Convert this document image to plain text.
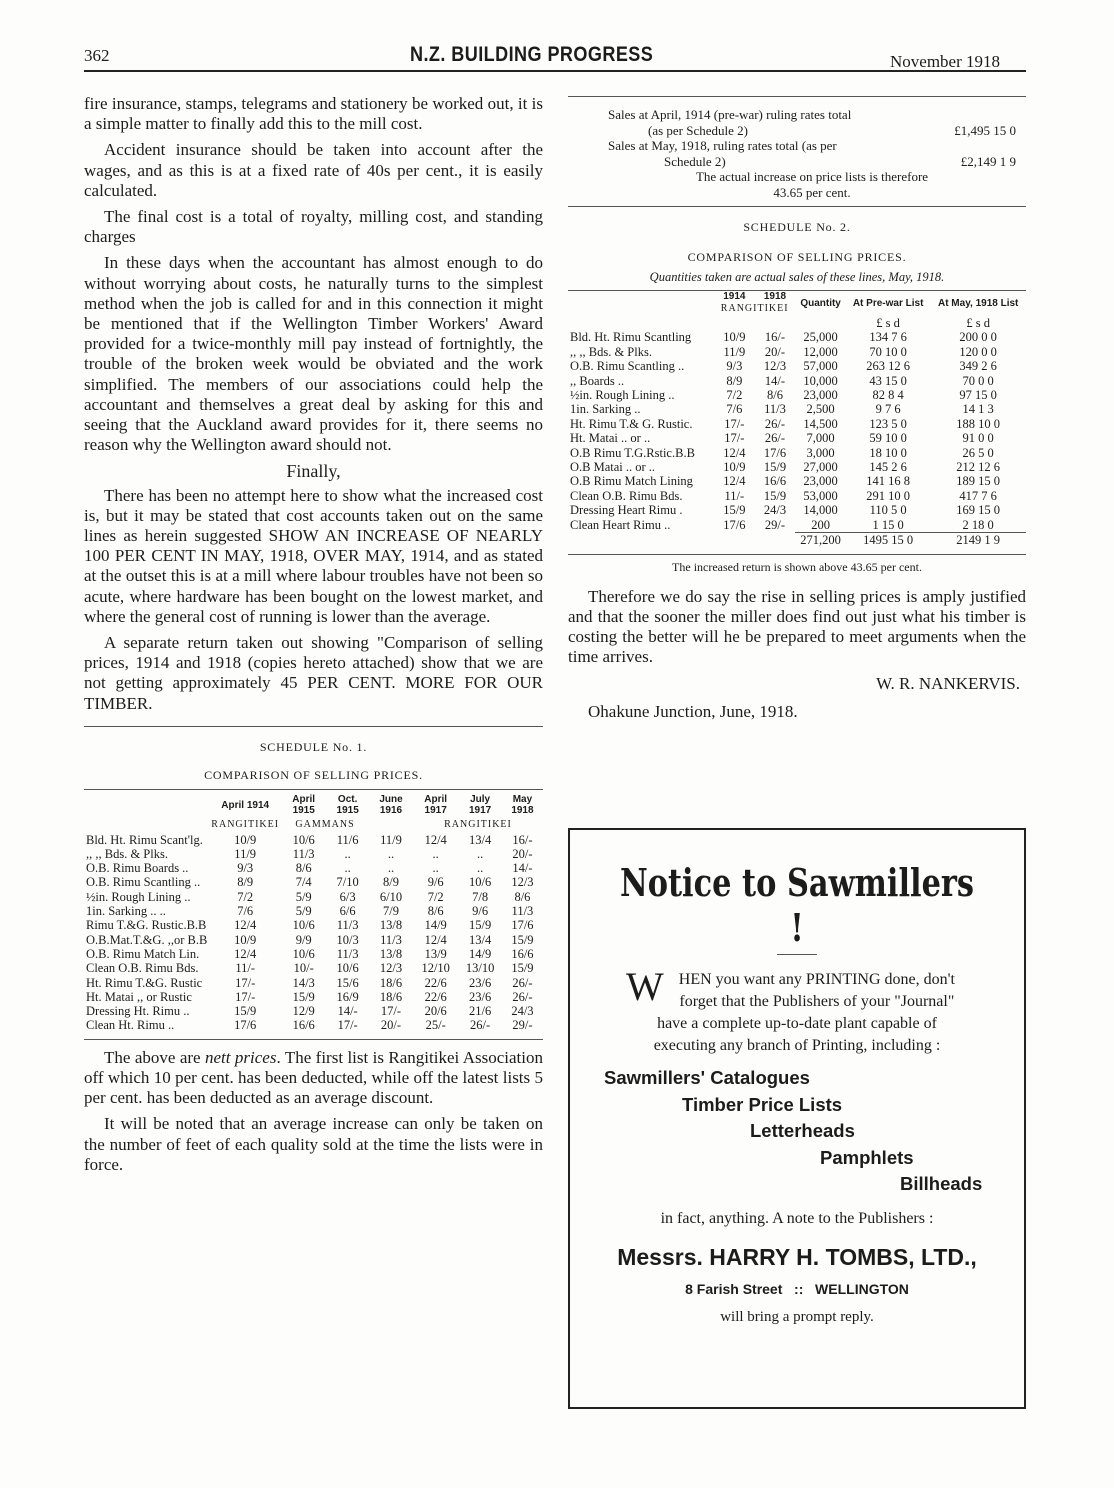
362	N.Z. BUILDING PROGRESS	November 1918

fire insurance, stamps, telegrams and stationery be worked out, it is a simple matter to finally add this to the mill cost.

Accident insurance should be taken into account after the wages, and as this is at a fixed rate of 40s per cent., it is easily calculated.

The final cost is a total of royalty, milling cost, and standing charges

In these days when the accountant has almost enough to do without worrying about costs, he naturally turns to the simplest method when the job is called for and in this connection it might be mentioned that if the Wellington Timber Workers' Award provided for a twice-monthly mill pay instead of fortnightly, the trouble of the broken week would be obviated and the work simplified. The members of our associations could help the accountant and themselves a great deal by asking for this and seeing that the Auckland award provides for it, there seems no reason why the Wellington award should not.

Finally,

There has been no attempt here to show what the increased cost is, but it may be stated that cost accounts taken out on the same lines as herein suggested SHOW AN INCREASE OF NEARLY 100 PER CENT IN MAY, 1918, OVER MAY, 1914, and as stated at the outset this is at a mill where labour troubles have not been so acute, where hardware has been bought on the lowest market, and where the general cost of running is lower than the average.

A separate return taken out showing "Comparison of selling prices, 1914 and 1918 (copies hereto attached) show that we are not getting approximately 45 PER CENT. MORE FOR OUR TIMBER.

SCHEDULE No. 1.
COMPARISON OF SELLING PRICES.
	April 1914	April 1915	Oct. 1915	June 1916	April 1917	July 1917	May 1918
	RANGITIKEI	GAMMANS			RANGITIKEI		
Bld. Ht. Rimu Scant'lg.	10/9	10/6	11/6	11/9	12/4	13/4	16/-
,, ,, Bds. & Plks.	11/9	11/3	..	..	..	..	20/-
O.B. Rimu Boards ..	9/3	8/6	..	..	..	..	14/-
O.B. Rimu Scantling ..	8/9	7/4	7/10	8/9	9/6	10/6	12/3
½in. Rough Lining ..	7/2	5/9	6/3	6/10	7/2	7/8	8/6
1in. Sarking .. ..	7/6	5/9	6/6	7/9	8/6	9/6	11/3
Rimu T.&G. Rustic.B.B	12/4	10/6	11/3	13/8	14/9	15/9	17/6
O.B.Mat.T.&G. ,,or B.B	10/9	9/9	10/3	11/3	12/4	13/4	15/9
O.B. Rimu Match Lin.	12/4	10/6	11/3	13/8	13/9	14/9	16/6
Clean O.B. Rimu Bds.	11/-	10/-	10/6	12/3	12/10	13/10	15/9
Ht. Rimu T.&G. Rustic	17/-	14/3	15/6	18/6	22/6	23/6	26/-
Ht. Matai ,, or Rustic	17/-	15/9	16/9	18/6	22/6	23/6	26/-
Dressing Ht. Rimu ..	15/9	12/9	14/-	17/-	20/6	21/6	24/3
Clean Ht. Rimu ..	17/6	16/6	17/-	20/-	25/-	26/-	29/-

The above are nett prices. The first list is Rangitikei Association off which 10 per cent. has been deducted, while off the latest lists 5 per cent. has been deducted as an average discount.

It will be noted that an average increase can only be taken on the number of feet of each quality sold at the time the lists were in force.

Sales at April, 1914 (pre-war) ruling rates total
(as per Schedule 2)	£1,495 15 0
Sales at May, 1918, ruling rates total (as per
Schedule 2)	£2,149 1 9
The actual increase on price lists is therefore
43.65 per cent.
SCHEDULE No. 2.
COMPARISON OF SELLING PRICES.
Quantities taken are actual sales of these lines, May, 1918.
	1914	1918	Quantity	At Pre-war List	At May, 1918 List
	RANGITIKEI				
				£ s d	£ s d
Bld. Ht. Rimu Scantling	10/9	16/-	25,000	134 7 6	200 0 0
,, ,, Bds. & Plks.	11/9	20/-	12,000	70 10 0	120 0 0
O.B. Rimu Scantling ..	9/3	12/3	57,000	263 12 6	349 2 6
,, Boards ..	8/9	14/-	10,000	43 15 0	70 0 0
½in. Rough Lining ..	7/2	8/6	23,000	82 8 4	97 15 0
1in. Sarking ..	7/6	11/3	2,500	9 7 6	14 1 3
Ht. Rimu T.& G. Rustic.	17/-	26/-	14,500	123 5 0	188 10 0
Ht. Matai .. or ..	17/-	26/-	7,000	59 10 0	91 0 0
O.B Rimu T.G.Rstic.B.B	12/4	17/6	3,000	18 10 0	26 5 0
O.B Matai .. or ..	10/9	15/9	27,000	145 2 6	212 12 6
O.B Rimu Match Lining	12/4	16/6	23,000	141 16 8	189 15 0
Clean O.B. Rimu Bds.	11/-	15/9	53,000	291 10 0	417 7 6
Dressing Heart Rimu .	15/9	24/3	14,000	110 5 0	169 15 0
Clean Heart Rimu ..	17/6	29/-	200	1 15 0	2 18 0
			271,200	1495 15 0	2149 1 9
The increased return is shown above 43.65 per cent.

Therefore we do say the rise in selling prices is amply justified and that the sooner the miller does find out just what his timber is costing the better will he be prepared to meet arguments when the time arrives.

W. R. NANKERVIS.
Ohakune Junction, June, 1918.
Notice to Sawmillers !
WHEN you want any PRINTING done, don't forget that the Publishers of your "Journal" have a complete up-to-date plant capable of executing any branch of Printing, including :
Sawmillers' Catalogues
Timber Price Lists
Letterheads
Pamphlets
Billheads
in fact, anything. A note to the Publishers :
Messrs. HARRY H. TOMBS, LTD.,
8 Farish Street   ::   WELLINGTON
will bring a prompt reply.
